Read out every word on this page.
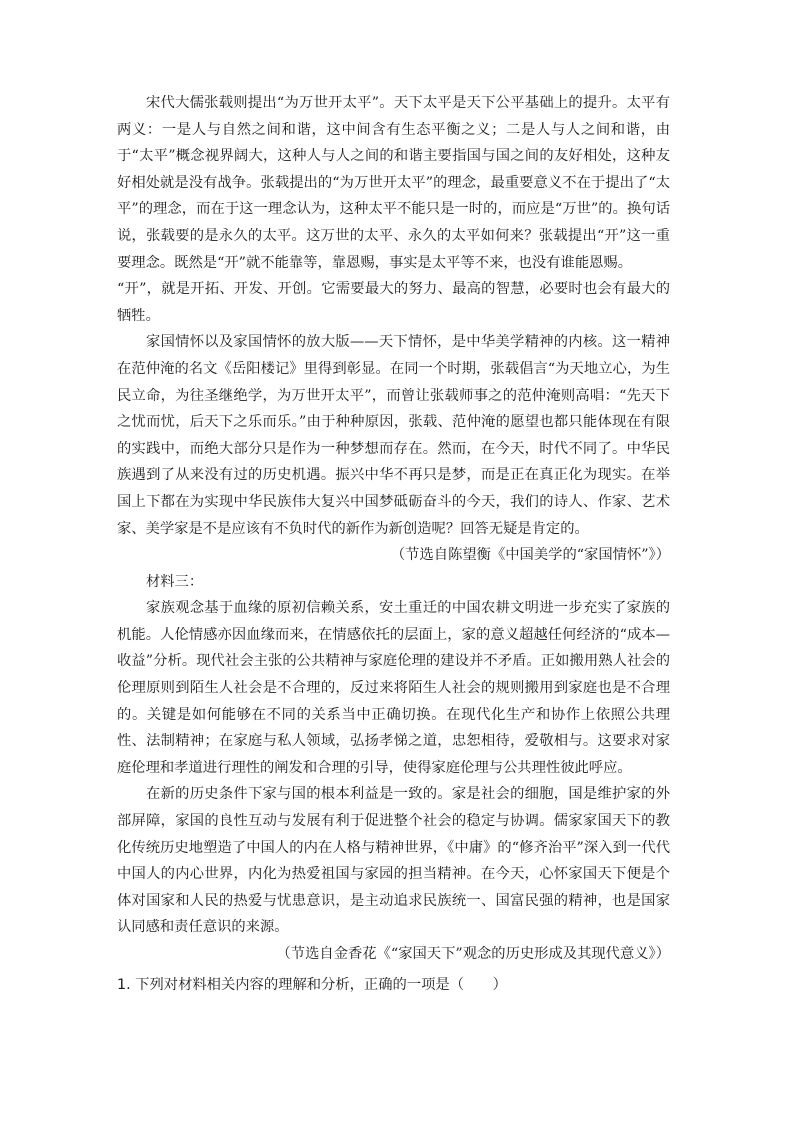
宋代大儒张载则提出“为万世开太平”。天下太平是天下公平基础上的提升。太平有两义：一是人与自然之间和谐，这中间含有生态平衡之义；二是人与人之间和谐，由于“太平”概念视界阔大，这种人与人之间的和谐主要指国与国之间的友好相处，这种友好相处就是没有战争。张载提出的“为万世开太平”的理念，最重要意义不在于提出了“太平”的理念，而在于这一理念认为，这种太平不能只是一时的，而应是“万世”的。换句话说，张载要的是永久的太平。这万世的太平、永久的太平如何来？张载提出“开”这一重要理念。既然是“开”就不能靠等，靠恩赐，事实是太平等不来，也没有谁能恩赐。

“开”，就是开拓、开发、开创。它需要最大的努力、最高的智慧，必要时也会有最大的牺牲。

家国情怀以及家国情怀的放大版——天下情怀，是中华美学精神的内核。这一精神在范仲淹的名文《岳阳楼记》里得到彰显。在同一个时期，张载倡言“为天地立心，为生民立命，为往圣继绝学，为万世开太平”，而曾让张载师事之的范仲淹则高唱：“先天下之忧而忧，后天下之乐而乐。”由于种种原因，张载、范仲淹的愿望也都只能体现在有限的实践中，而绝大部分只是作为一种梦想而存在。然而，在今天，时代不同了。中华民族遇到了从来没有过的历史机遇。振兴中华不再只是梦，而是正在真正化为现实。在举国上下都在为实现中华民族伟大复兴中国梦砥砺奋斗的今天，我们的诗人、作家、艺术家、美学家是不是应该有不负时代的新作为新创造呢？回答无疑是肯定的。

（节选自陈望衡《中国美学的“家国情怀”》）

材料三：

家族观念基于血缘的原初信赖关系，安土重迁的中国农耕文明进一步充实了家族的机能。人伦情感亦因血缘而来，在情感依托的层面上，家的意义超越任何经济的“成本—收益”分析。现代社会主张的公共精神与家庭伦理的建设并不矛盾。正如搬用熟人社会的伦理原则到陌生人社会是不合理的，反过来将陌生人社会的规则搬用到家庭也是不合理的。关键是如何能够在不同的关系当中正确切换。在现代化生产和协作上依照公共理性、法制精神；在家庭与私人领域，弘扬孝悌之道，忠恕相待，爱敬相与。这要求对家庭伦理和孝道进行理性的阐发和合理的引导，使得家庭伦理与公共理性彼此呼应。

在新的历史条件下家与国的根本利益是一致的。家是社会的细胞，国是维护家的外部屏障，家国的良性互动与发展有利于促进整个社会的稳定与协调。儒家家国天下的教化传统历史地塑造了中国人的内在人格与精神世界，《中庸》的“修齐治平”深入到一代代中国人的内心世界，内化为热爱祖国与家园的担当精神。在今天，心怀家国天下便是个体对国家和人民的热爱与忧患意识，是主动追求民族统一、国富民强的精神，也是国家认同感和责任意识的来源。

（节选自金香花《“家国天下”观念的历史形成及其现代意义》）

1. 下列对材料相关内容的理解和分析，正确的一项是（　　）
